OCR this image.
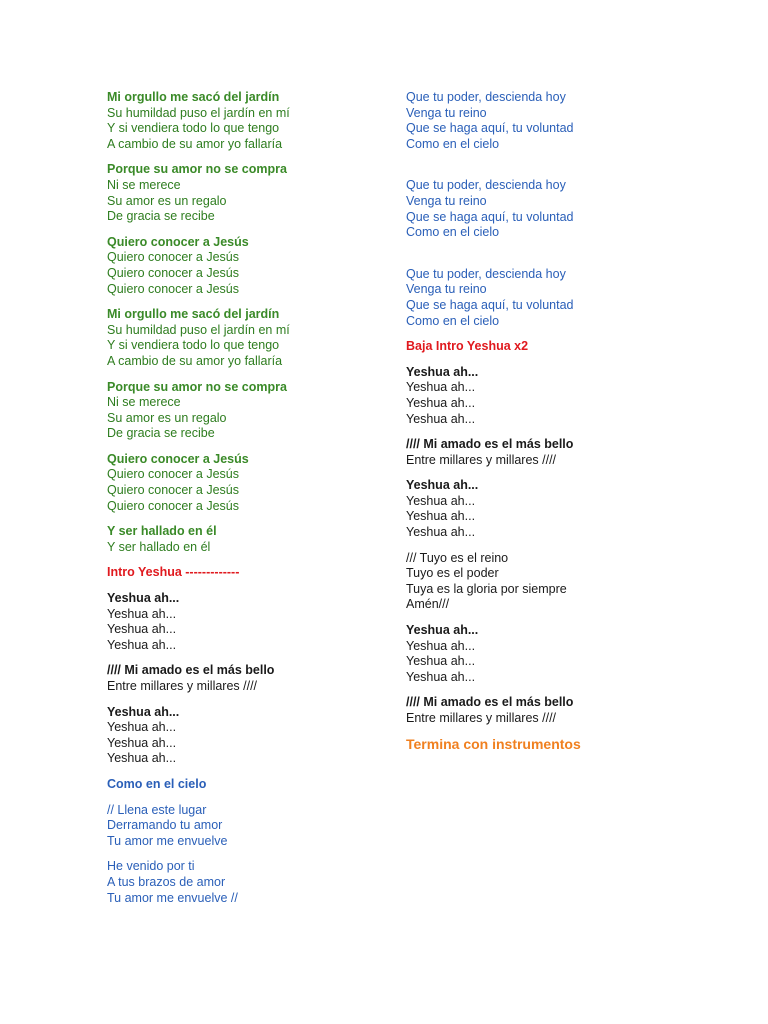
Mi orgullo me sacó del jardín
Su humildad puso el jardín en mí
Y si vendiera todo lo que tengo
A cambio de su amor yo fallaría
Porque su amor no se compra
Ni se merece
Su amor es un regalo
De gracia se recibe
Quiero conocer a Jesús
Quiero conocer a Jesús
Quiero conocer a Jesús
Quiero conocer a Jesús
Mi orgullo me sacó del jardín
Su humildad puso el jardín en mí
Y si vendiera todo lo que tengo
A cambio de su amor yo fallaría
Porque su amor no se compra
Ni se merece
Su amor es un regalo
De gracia se recibe
Quiero conocer a Jesús
Quiero conocer a Jesús
Quiero conocer a Jesús
Quiero conocer a Jesús
Y ser hallado en él
Y ser hallado en él
Intro Yeshua -------------
Yeshua ah...
Yeshua ah...
Yeshua ah...
Yeshua ah...
//// Mi amado es el más bello
Entre millares y millares ////
Yeshua ah...
Yeshua ah...
Yeshua ah...
Yeshua ah...
Como en el cielo
// Llena este lugar
Derramando tu amor
Tu amor me envuelve
He venido por ti
A tus brazos de amor
Tu amor me envuelve //
Que tu poder, descienda hoy
Venga tu reino
Que se haga aquí, tu voluntad
Como en el cielo
Que tu poder, descienda hoy
Venga tu reino
Que se haga aquí, tu voluntad
Como en el cielo
Que tu poder, descienda hoy
Venga tu reino
Que se haga aquí, tu voluntad
Como en el cielo
Baja Intro Yeshua x2
Yeshua ah...
Yeshua ah...
Yeshua ah...
Yeshua ah...
//// Mi amado es el más bello
Entre millares y millares ////
Yeshua ah...
Yeshua ah...
Yeshua ah...
Yeshua ah...
/// Tuyo es el reino
Tuyo es el poder
Tuya es la gloria por siempre
Amén///
Yeshua ah...
Yeshua ah...
Yeshua ah...
Yeshua ah...
//// Mi amado es el más bello
Entre millares y millares ////
Termina con instrumentos
